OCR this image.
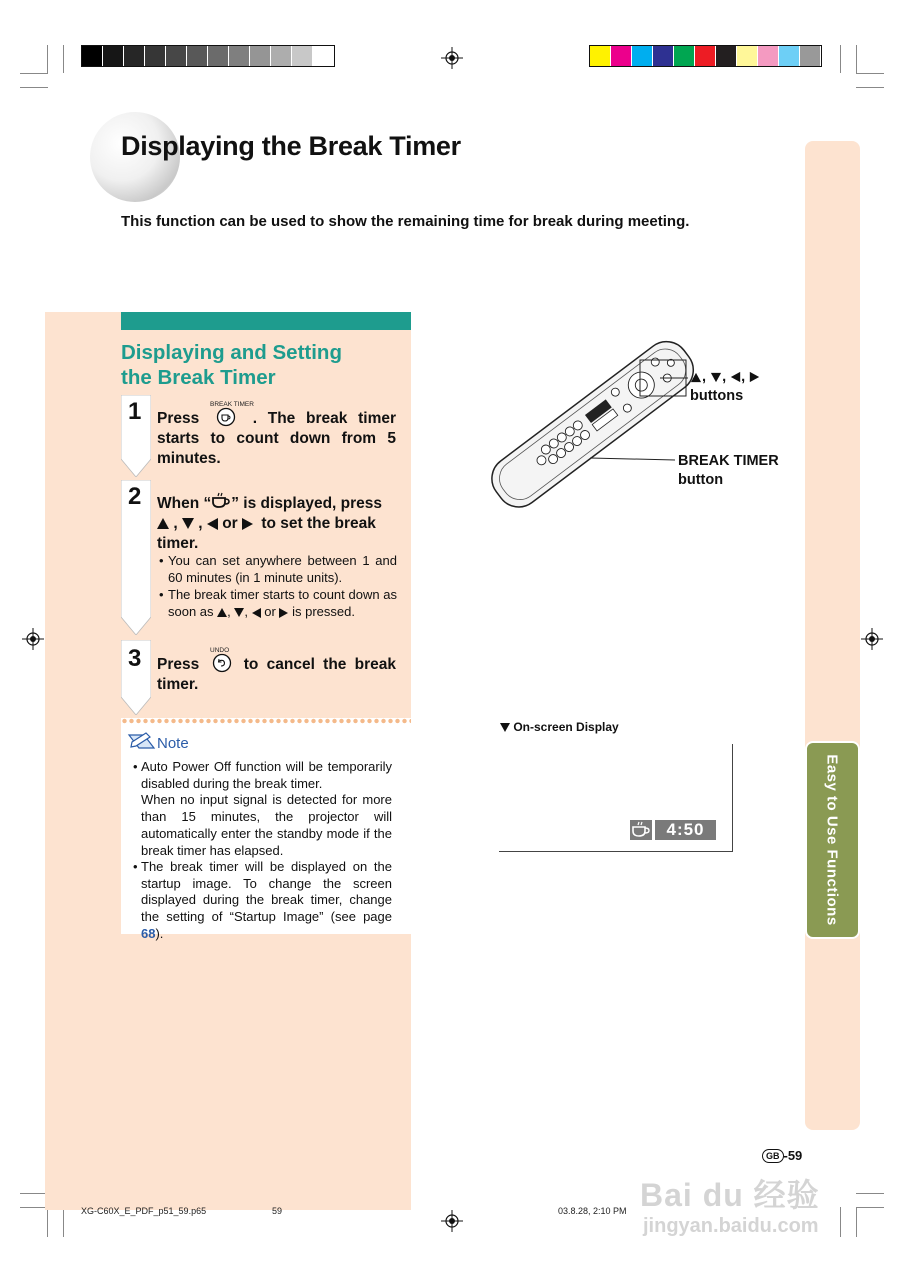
Displaying the Break Timer

This function can be used to show the remaining time for break during meeting.

Displaying and Setting
the Break Timer
1	BREAK TIMER
Press	. The break timer starts to count down from 5 minutes.
2 When “ ” is displayed, press
, , or to set the break
timer.
• You can set anywhere between 1 and 60 minutes (in 1 minute units).
• The break timer starts to count down as soon as , , or is pressed.
3	UNDO
Press	to cancel the break timer.
Note
• Auto Power Off function will be temporarily disabled during the break timer.
When no input signal is detected for more than 15 minutes, the projector will automatically enter the standby mode if the break timer has elapsed.
• The break timer will be displayed on the startup image. To change the screen displayed during the break timer, change the setting of “Startup Image” (see page 68).
, , ,
buttons
BREAK TIMER
button
On-screen Display
4:50	Easy to Use Functions
GB -59
Bai du 经验
jingyan.baidu.com
XG-C60X_E_PDF_p51_59.p65	59	03.8.28, 2:10 PM
